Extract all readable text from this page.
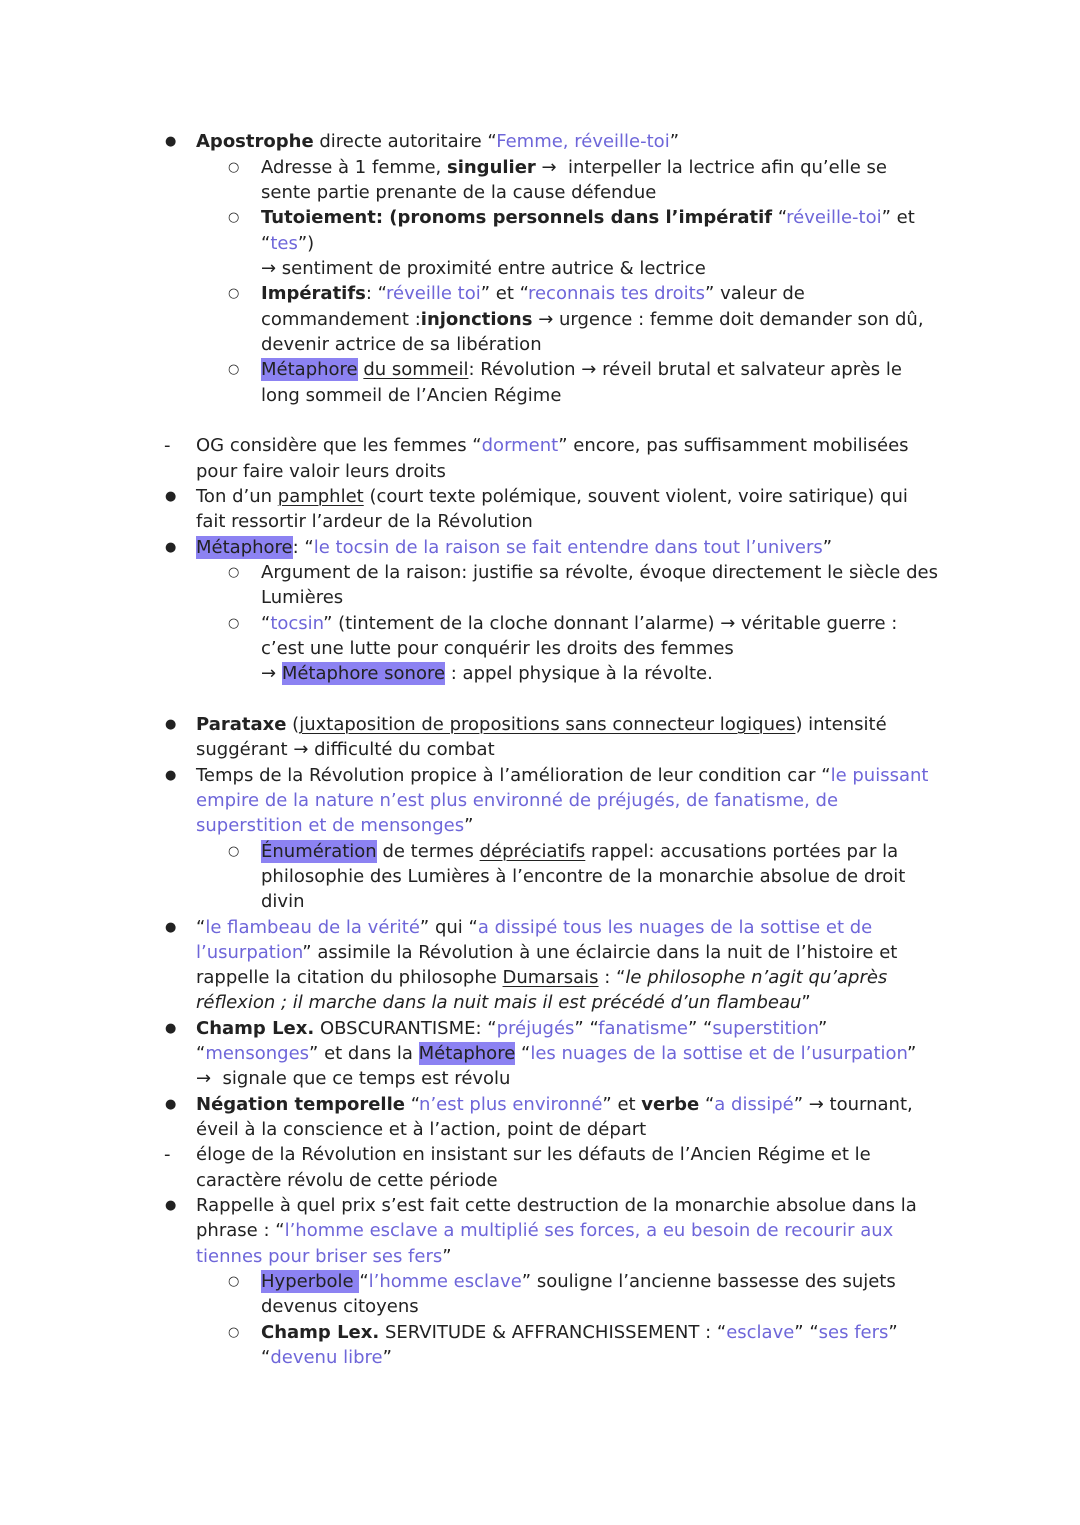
● Apostrophe directe autoritaire “Femme, réveille-toi”
○ Adresse à 1 femme, singulier →  interpeller la lectrice afin qu’elle se
sente partie prenante de la cause défendue
○ Tutoiement: (pronoms personnels dans l’impératif “réveille-toi” et
“tes”)
→ sentiment de proximité entre autrice & lectrice
○ Impératifs: “réveille toi” et “reconnais tes droits” valeur de
commandement :injonctions → urgence : femme doit demander son dû,
devenir actrice de sa libération
○ Métaphore du sommeil: Révolution → réveil brutal et salvateur après le
long sommeil de l’Ancien Régime
- OG considère que les femmes “dorment” encore, pas suffisamment mobilisées
pour faire valoir leurs droits
● Ton d’un pamphlet (court texte polémique, souvent violent, voire satirique) qui
fait ressortir l’ardeur de la Révolution
● Métaphore: “le tocsin de la raison se fait entendre dans tout l’univers”
○ Argument de la raison: justifie sa révolte, évoque directement le siècle des
Lumières
○ “tocsin” (tintement de la cloche donnant l’alarme) → véritable guerre :
c’est une lutte pour conquérir les droits des femmes
→ Métaphore sonore : appel physique à la révolte.
● Parataxe (juxtaposition de propositions sans connecteur logiques) intensité
suggérant → difficulté du combat
● Temps de la Révolution propice à l’amélioration de leur condition car “le puissant
empire de la nature n’est plus environné de préjugés, de fanatisme, de
superstition et de mensonges”
○ Énumération de termes dépréciatifs rappel: accusations portées par la
philosophie des Lumières à l’encontre de la monarchie absolue de droit
divin
● “le flambeau de la vérité” qui “a dissipé tous les nuages de la sottise et de
l’usurpation” assimile la Révolution à une éclaircie dans la nuit de l’histoire et
rappelle la citation du philosophe Dumarsais : “le philosophe n’agit qu’après
réflexion ; il marche dans la nuit mais il est précédé d’un flambeau”
● Champ Lex. OBSCURANTISME: “préjugés” “fanatisme” “superstition”
“mensonges” et dans la Métaphore “les nuages de la sottise et de l’usurpation”
→  signale que ce temps est révolu
● Négation temporelle “n’est plus environné” et verbe “a dissipé” → tournant,
éveil à la conscience et à l’action, point de départ
- éloge de la Révolution en insistant sur les défauts de l’Ancien Régime et le
caractère révolu de cette période
● Rappelle à quel prix s’est fait cette destruction de la monarchie absolue dans la
phrase : “l’homme esclave a multiplié ses forces, a eu besoin de recourir aux
tiennes pour briser ses fers”
○ Hyperbole “l’homme esclave” souligne l’ancienne bassesse des sujets
devenus citoyens
○ Champ Lex. SERVITUDE & AFFRANCHISSEMENT : “esclave” “ses fers”
“devenu libre”
